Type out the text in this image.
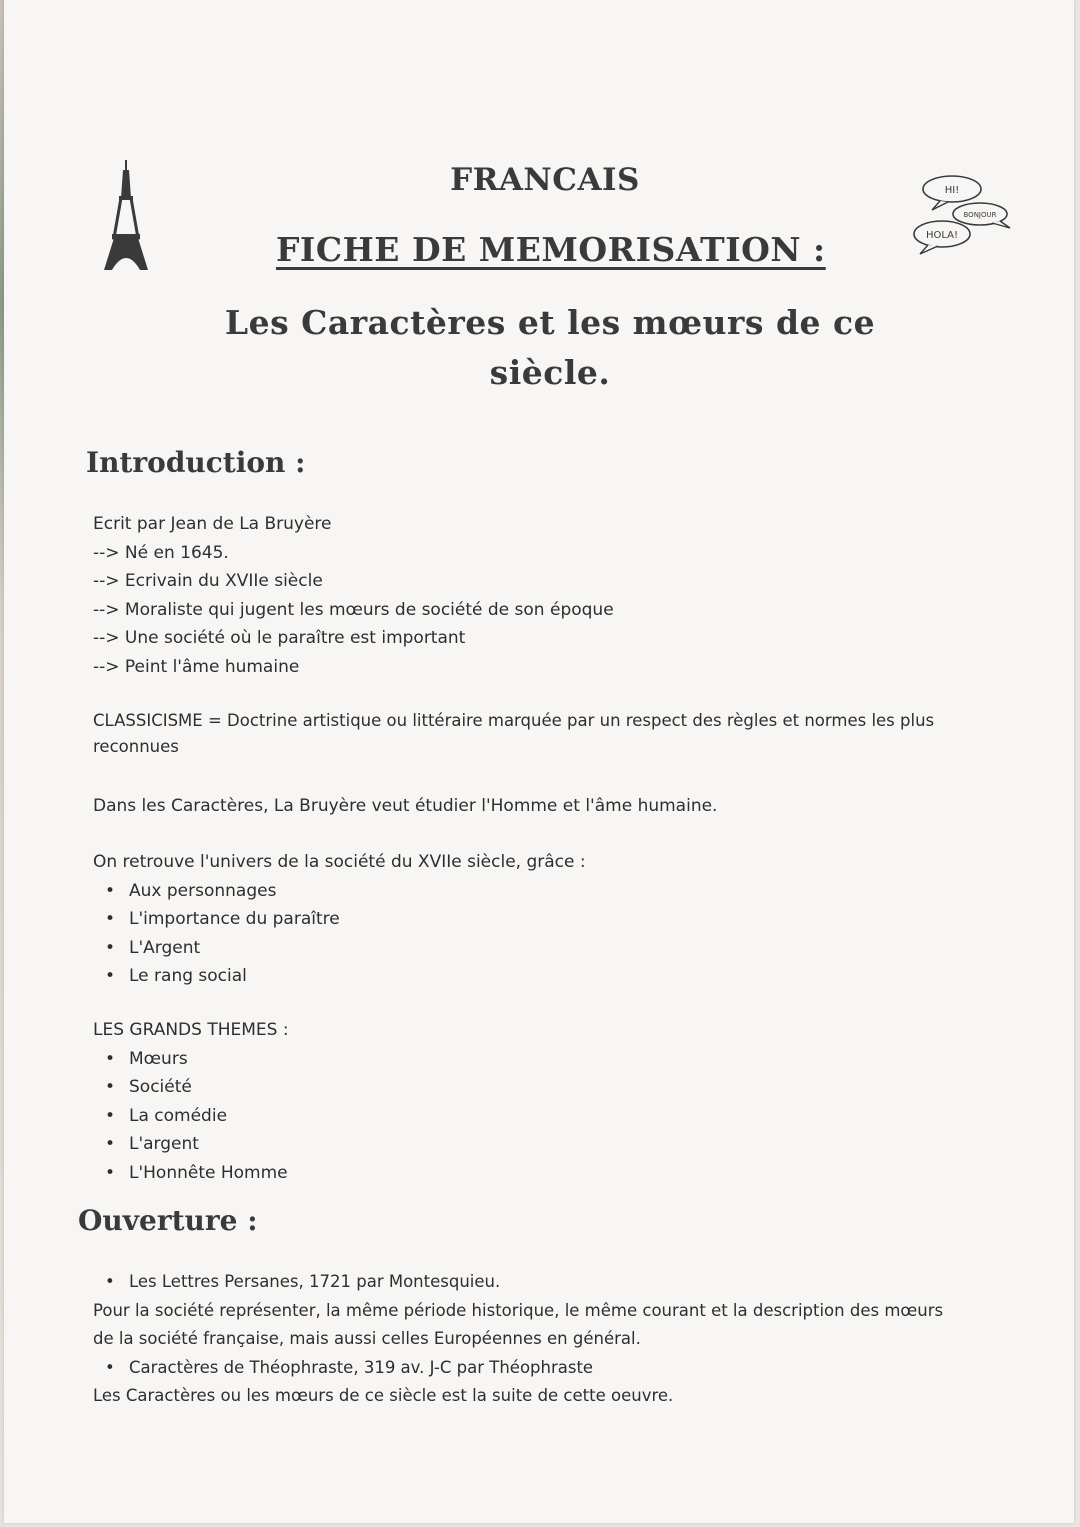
FRANCAIS
FICHE DE MEMORISATION :
Les Caractères et les mœurs de ce
siècle.
HI!
BONJOUR
HOLA!
Introduction :
Ecrit par Jean de La Bruyère
--> Né en 1645.
--> Ecrivain du XVIIe siècle
--> Moraliste qui jugent les mœurs de société de son époque
--> Une société où le paraître est important
--> Peint l'âme humaine
CLASSICISME = Doctrine artistique ou littéraire marquée par un respect des règles et normes les plus
reconnues
Dans les Caractères, La Bruyère veut étudier l'Homme et l'âme humaine.
On retrouve l'univers de la société du XVIIe siècle, grâce :
• Aux personnages
• L'importance du paraître
• L'Argent
• Le rang social
LES GRANDS THEMES :
• Mœurs
• Société
• La comédie
• L'argent
• L'Honnête Homme
Ouverture :
• Les Lettres Persanes, 1721 par Montesquieu.
Pour la société représenter, la même période historique, le même courant et la description des mœurs
de la société française, mais aussi celles Européennes en général.
• Caractères de Théophraste, 319 av. J-C par Théophraste
Les Caractères ou les mœurs de ce siècle est la suite de cette oeuvre.
